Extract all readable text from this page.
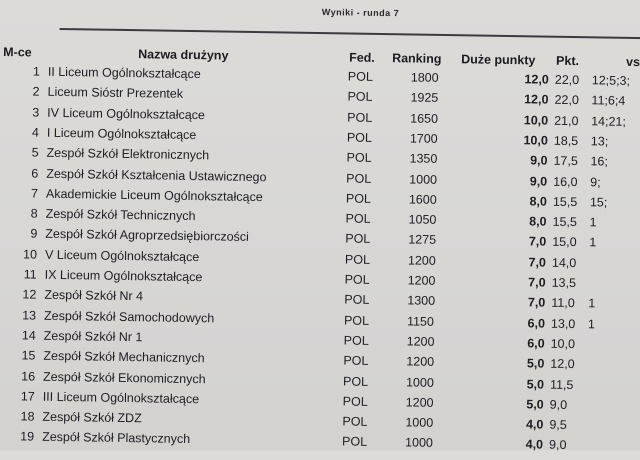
Wyniki - runda 7
M-ce	Nazwa drużyny	Fed. Ranking Duże punkty Pkt.	vs
1 II Liceum Ogólnokształcące	POL	1800	12,0 22,0 12;5;3;
2 Liceum Sióstr Prezentek	POL	1925	12,0 22,0 11;6;4
3 IV Liceum Ogólnokształcące	POL	1650	10,0 21,0 14;21;
4 I Liceum Ogólnokształcące	POL	1700	10,0 18,5 13;
5 Zespół Szkół Elektronicznych	POL	1350	9,0 17,5 16;
6 Zespół Szkół Kształcenia Ustawicznego	POL	1000	9,0 16,0 9;
7 Akademickie Liceum Ogólnokształcące	POL	1600	8,0 15,5 15;
8 Zespół Szkół Technicznych	POL	1050	8,0 15,5 1
9 Zespół Szkół Agroprzedsiębiorczości	POL	1275	7,0 15,0 1
10 V Liceum Ogólnokształcące	POL	1200	7,0 14,0
11 IX Liceum Ogólnokształcące	POL	1200	7,0 13,5
12 Zespół Szkół Nr 4	POL	1300	7,0 11,0 1
13 Zespół Szkół Samochodowych	POL	1150	6,0 13,0 1
14 Zespół Szkół Nr 1	POL	1200	6,0 10,0
15 Zespół Szkół Mechanicznych	POL	1200	5,0 12,0
16 Zespół Szkół Ekonomicznych	POL	1000	5,0 11,5
17 III Liceum Ogólnokształcące	POL	1200	5,0 9,0
18 Zespół Szkół ZDZ	POL	1000	4,0 9,5
19 Zespół Szkół Plastycznych	POL	1000	4,0 9,0
